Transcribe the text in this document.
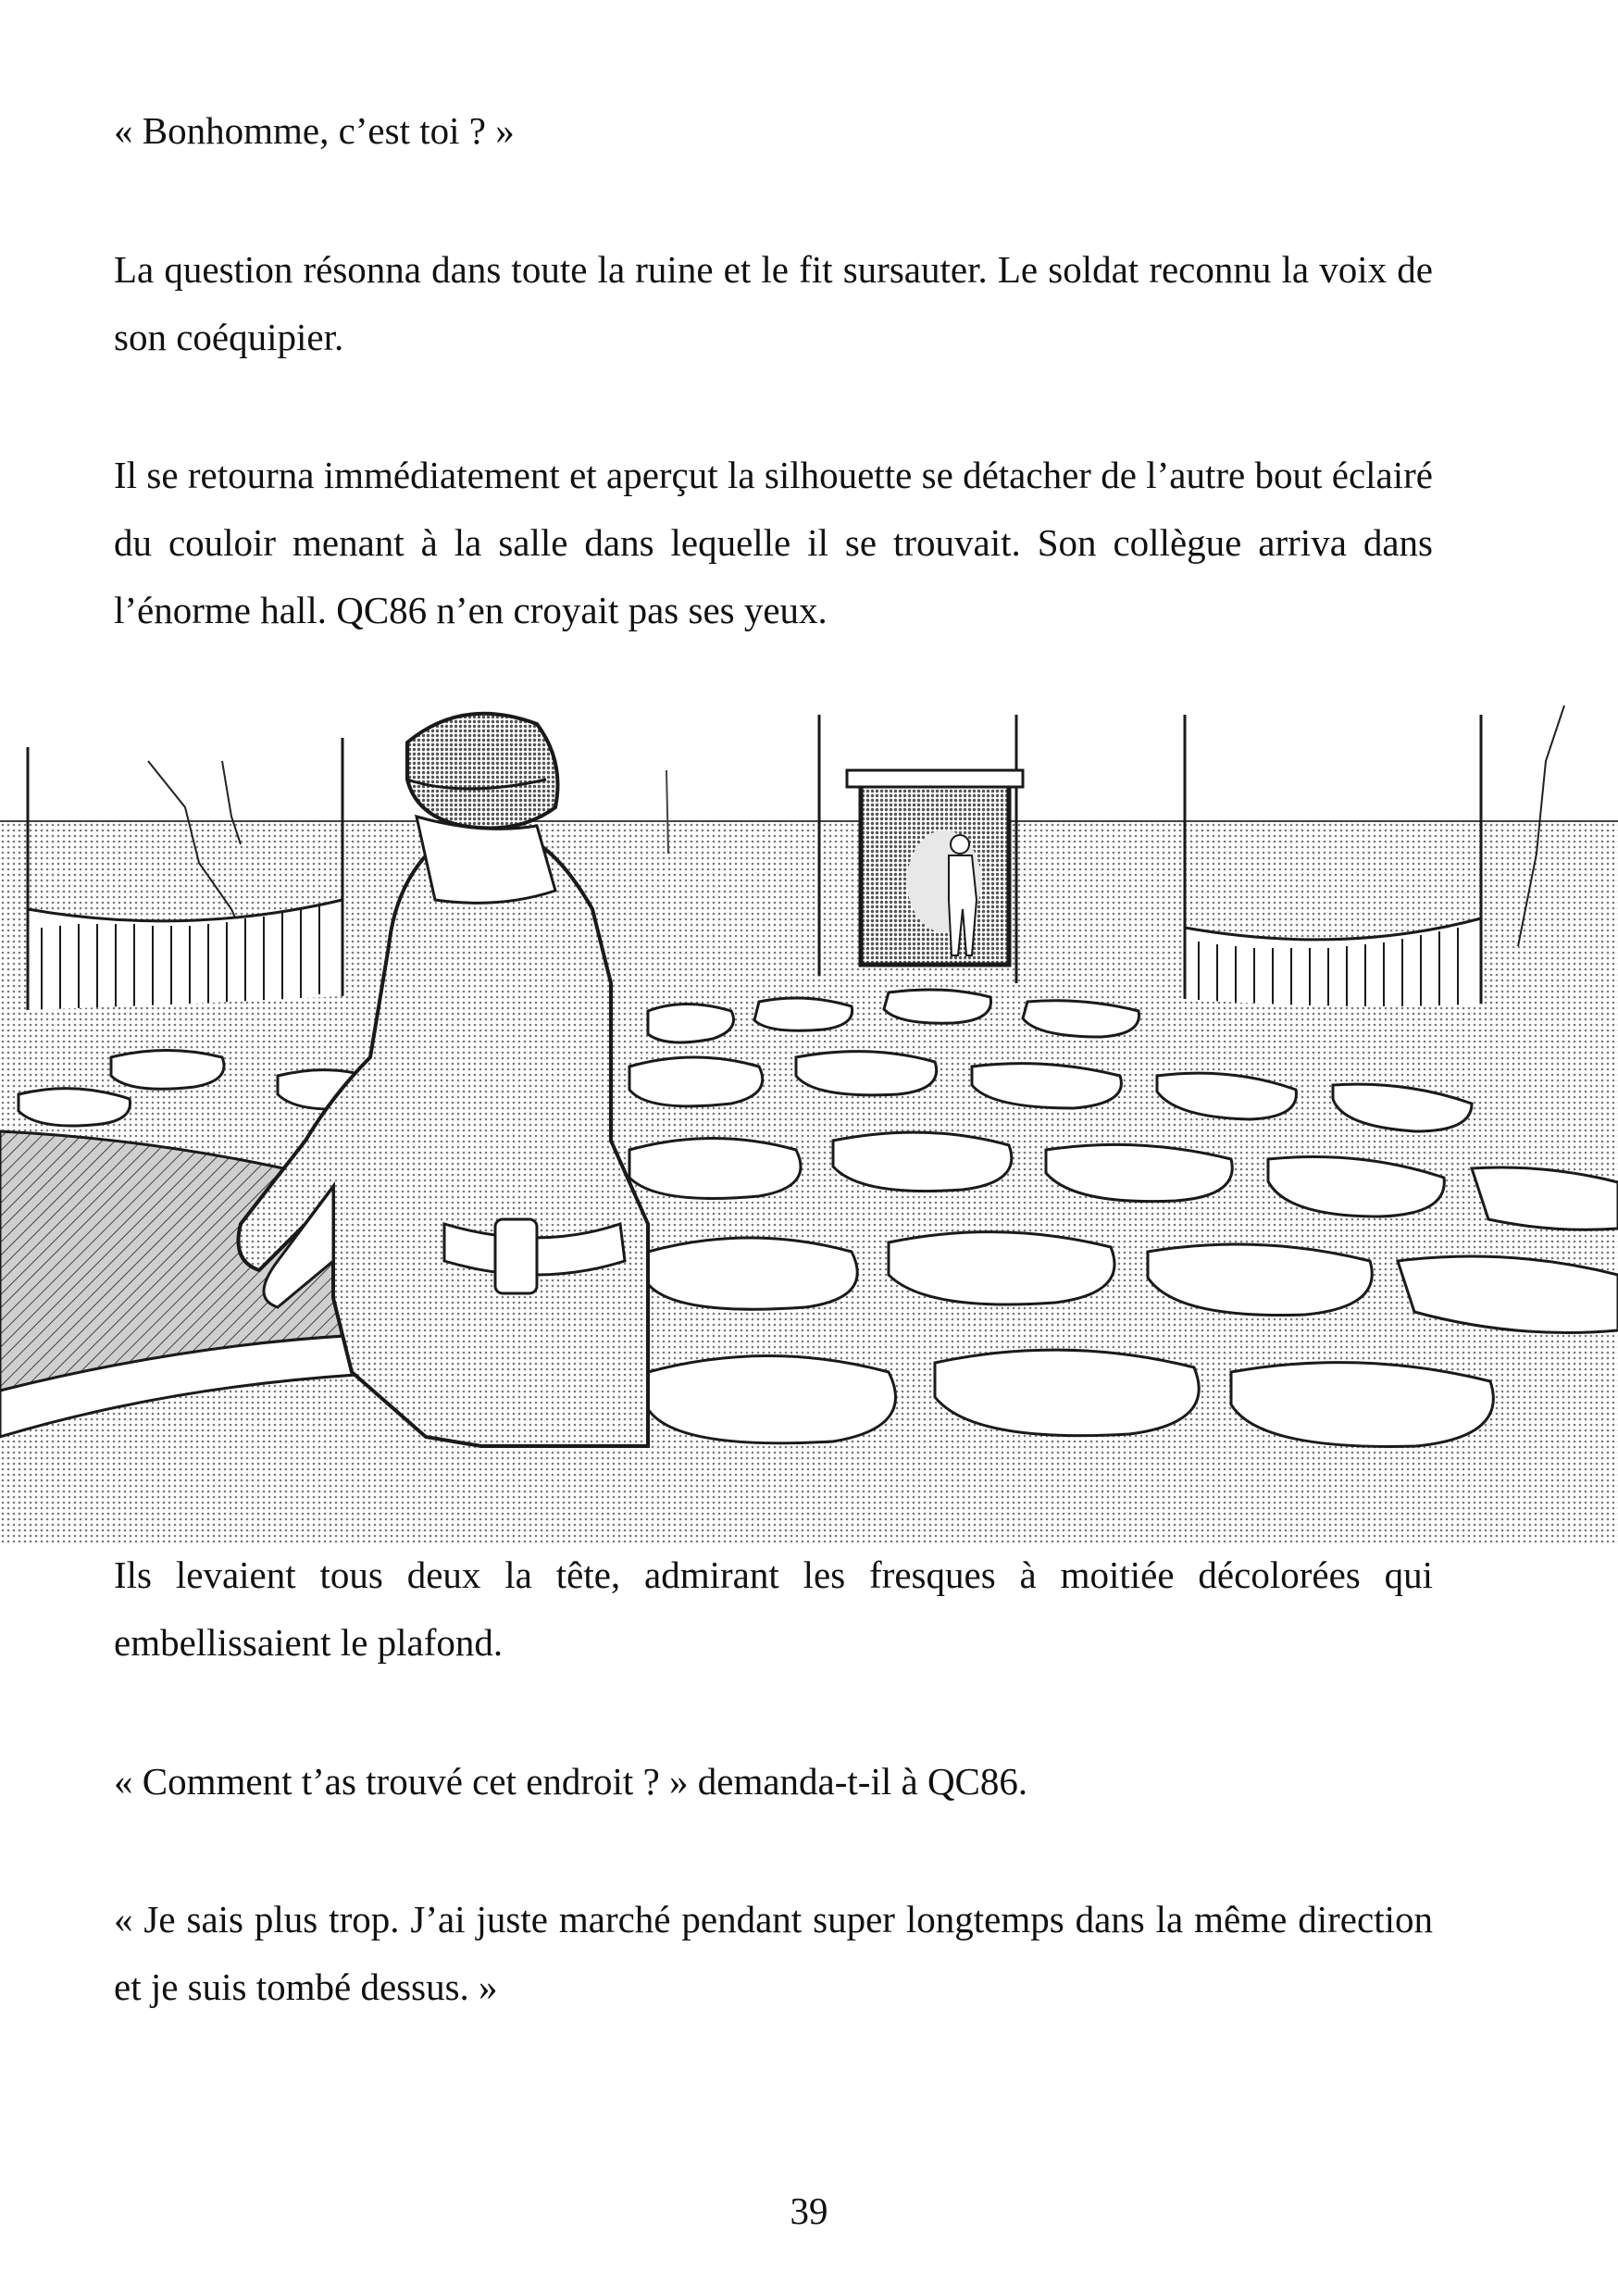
« Bonhomme, c’est toi ? »

La question résonna dans toute la ruine et le fit sursauter. Le soldat reconnu la voix de son coéquipier.

Il se retourna immédiatement et aperçut la silhouette se détacher de l’autre bout éclairé du couloir menant à la salle dans lequelle il se trouvait. Son collègue arriva dans l’énorme hall. QC86 n’en croyait pas ses yeux.

Ils levaient tous deux la tête, admirant les fresques à moitiée décolorées qui embellissaient le plafond.

« Comment t’as trouvé cet endroit ? » demanda-t-il à QC86.

« Je sais plus trop. J’ai juste marché pendant super longtemps dans la même direction et je suis tombé dessus. »

39
